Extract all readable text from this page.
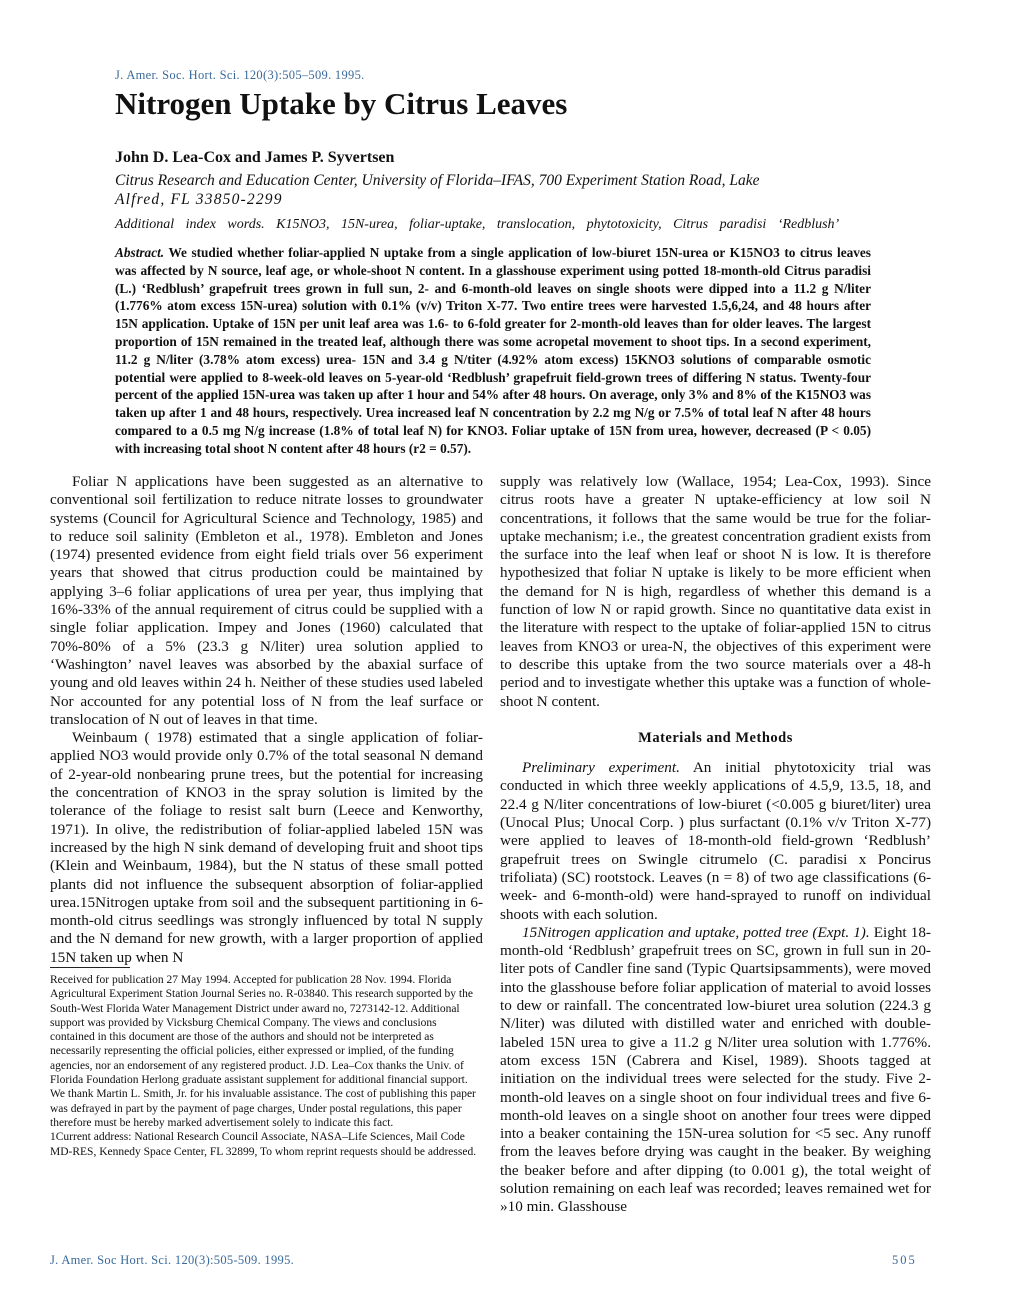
J. Amer. Soc. Hort. Sci. 120(3):505–509. 1995.
Nitrogen Uptake by Citrus Leaves
John D. Lea-Cox and James P. Syvertsen
Citrus Research and Education Center, University of Florida–IFAS, 700 Experiment Station Road, Lake
Alfred, FL 33850-2299
Additional index words. K15NO3, 15N-urea, foliar-uptake, translocation, phytotoxicity, Citrus paradisi ‘Redblush’
Abstract. We studied whether foliar-applied N uptake from a single application of low-biuret 15N-urea or K15NO3 to citrus leaves was affected by N source, leaf age, or whole-shoot N content. In a glasshouse experiment using potted 18-month-old Citrus paradisi (L.) ‘Redblush’ grapefruit trees grown in full sun, 2- and 6-month-old leaves on single shoots were dipped into a 11.2 g N/liter (1.776% atom excess 15N-urea) solution with 0.1% (v/v) Triton X-77. Two entire trees were harvested 1.5,6,24, and 48 hours after 15N application. Uptake of 15N per unit leaf area was 1.6- to 6-fold greater for 2-month-old leaves than for older leaves. The largest proportion of 15N remained in the treated leaf, although there was some acropetal movement to shoot tips. In a second experiment, 11.2 g N/liter (3.78% atom excess) urea- 15N and 3.4 g N/titer (4.92% atom excess) 15KNO3 solutions of comparable osmotic potential were applied to 8-week-old leaves on 5-year-old ‘Redblush’ grapefruit field-grown trees of differing N status. Twenty-four percent of the applied 15N-urea was taken up after 1 hour and 54% after 48 hours. On average, only 3% and 8% of the K15NO3 was taken up after 1 and 48 hours, respectively. Urea increased leaf N concentration by 2.2 mg N/g or 7.5% of total leaf N after 48 hours compared to a 0.5 mg N/g increase (1.8% of total leaf N) for KNO3. Foliar uptake of 15N from urea, however, decreased (P < 0.05) with increasing total shoot N content after 48 hours (r2 = 0.57).

Foliar N applications have been suggested as an alternative to conventional soil fertilization to reduce nitrate losses to groundwater systems (Council for Agricultural Science and Technology, 1985) and to reduce soil salinity (Embleton et al., 1978). Embleton and Jones (1974) presented evidence from eight field trials over 56 experiment years that showed that citrus production could be maintained by applying 3–6 foliar applications of urea per year, thus implying that 16%-33% of the annual requirement of citrus could be supplied with a single foliar application. Impey and Jones (1960) calculated that 70%-80% of a 5% (23.3 g N/liter) urea solution applied to ‘Washington’ navel leaves was absorbed by the abaxial surface of young and old leaves within 24 h. Neither of these studies used labeled Nor accounted for any potential loss of N from the leaf surface or translocation of N out of leaves in that time.

Weinbaum ( 1978) estimated that a single application of foliar-applied NO3 would provide only 0.7% of the total seasonal N demand of 2-year-old nonbearing prune trees, but the potential for increasing the concentration of KNO3 in the spray solution is limited by the tolerance of the foliage to resist salt burn (Leece and Kenworthy, 1971). In olive, the redistribution of foliar-applied labeled 15N was increased by the high N sink demand of developing fruit and shoot tips (Klein and Weinbaum, 1984), but the N status of these small potted plants did not influence the subsequent absorption of foliar-applied urea.15Nitrogen uptake from soil and the subsequent partitioning in 6-month-old citrus seedlings was strongly influenced by total N supply and the N demand for new growth, with a larger proportion of applied 15N taken up when N

Received for publication 27 May 1994. Accepted for publication 28 Nov. 1994. Florida Agricultural Experiment Station Journal Series no. R-03840. This research supported by the South-West Florida Water Management District under award no, 7273142-12. Additional support was provided by Vicksburg Chemical Company. The views and conclusions contained in this document are those of the authors and should not be interpreted as necessarily representing the official policies, either expressed or implied, of the funding agencies, nor an endorsement of any registered product. J.D. Lea–Cox thanks the Univ. of Florida Foundation Herlong graduate assistant supplement for additional financial support. We thank Martin L. Smith, Jr. for his invaluable assistance. The cost of publishing this paper was defrayed in part by the payment of page charges, Under postal regulations, this paper therefore must be hereby marked advertisement solely to indicate this fact.

1Current address: National Research Council Associate, NASA–Life Sciences, Mail Code MD-RES, Kennedy Space Center, FL 32899, To whom reprint requests should be addressed.

supply was relatively low (Wallace, 1954; Lea-Cox, 1993). Since citrus roots have a greater N uptake-efficiency at low soil N concentrations, it follows that the same would be true for the foliar-uptake mechanism; i.e., the greatest concentration gradient exists from the surface into the leaf when leaf or shoot N is low. It is therefore hypothesized that foliar N uptake is likely to be more efficient when the demand for N is high, regardless of whether this demand is a function of low N or rapid growth. Since no quantitative data exist in the literature with respect to the uptake of foliar-applied 15N to citrus leaves from KNO3 or urea-N, the objectives of this experiment were to describe this uptake from the two source materials over a 48-h period and to investigate whether this uptake was a function of whole-shoot N content.

Materials and Methods

Preliminary experiment. An initial phytotoxicity trial was conducted in which three weekly applications of 4.5,9, 13.5, 18, and 22.4 g N/liter concentrations of low-biuret (<0.005 g biuret/liter) urea (Unocal Plus; Unocal Corp. ) plus surfactant (0.1% v/v Triton X-77) were applied to leaves of 18-month-old field-grown ‘Redblush’ grapefruit trees on Swingle citrumelo (C. paradisi x Poncirus trifoliata) (SC) rootstock. Leaves (n = 8) of two age classifications (6-week- and 6-month-old) were hand-sprayed to runoff on individual shoots with each solution.

15Nitrogen application and uptake, potted tree (Expt. 1). Eight 18-month-old ‘Redblush’ grapefruit trees on SC, grown in full sun in 20-liter pots of Candler fine sand (Typic Quartsipsamments), were moved into the glasshouse before foliar application of material to avoid losses to dew or rainfall. The concentrated low-biuret urea solution (224.3 g N/liter) was diluted with distilled water and enriched with double-labeled 15N urea to give a 11.2 g N/liter urea solution with 1.776%. atom excess 15N (Cabrera and Kisel, 1989). Shoots tagged at initiation on the individual trees were selected for the study. Five 2-month-old leaves on a single shoot on four individual trees and five 6-month-old leaves on a single shoot on another four trees were dipped into a beaker containing the 15N-urea solution for <5 sec. Any runoff from the leaves before drying was caught in the beaker. By weighing the beaker before and after dipping (to 0.001 g), the total weight of solution remaining on each leaf was recorded; leaves remained wet for »10 min. Glasshouse

J. Amer. Soc Hort. Sci. 120(3):505-509. 1995.	505
